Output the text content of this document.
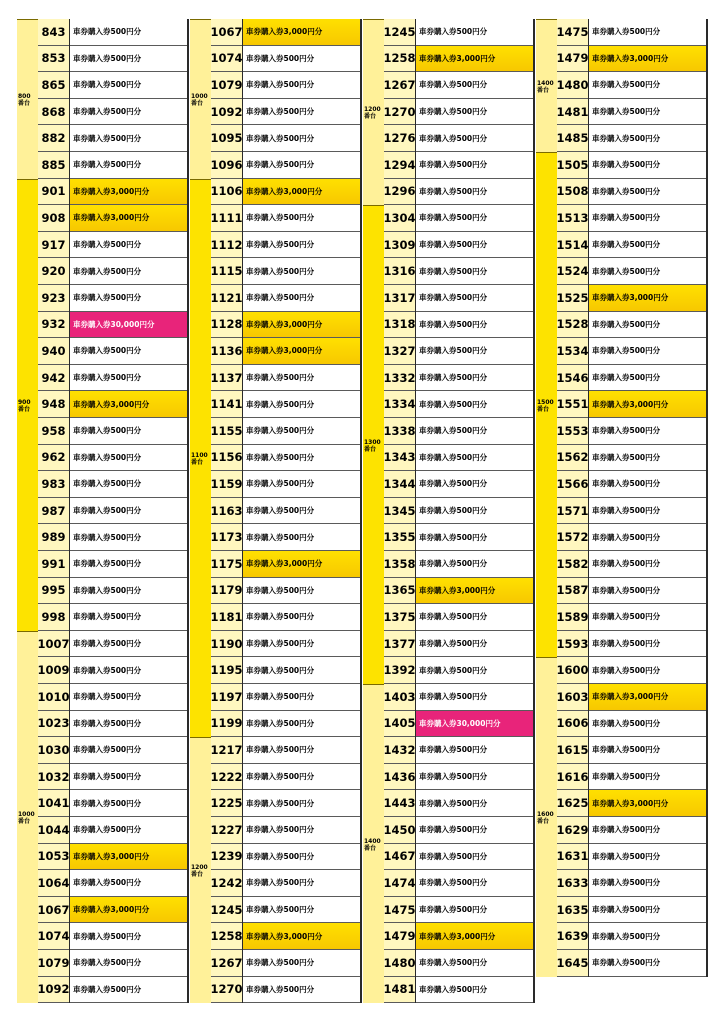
800
番台
900
番台
1000
番台
843	車券購入券500円分
853	車券購入券500円分
865	車券購入券500円分
868	車券購入券500円分
882	車券購入券500円分
885	車券購入券500円分
901	車券購入券3,000円分
908	車券購入券3,000円分
917	車券購入券500円分
920	車券購入券500円分
923	車券購入券500円分
932	車券購入券30,000円分
940	車券購入券500円分
942	車券購入券500円分
948	車券購入券3,000円分
958	車券購入券500円分
962	車券購入券500円分
983	車券購入券500円分
987	車券購入券500円分
989	車券購入券500円分
991	車券購入券500円分
995	車券購入券500円分
998	車券購入券500円分
1007 車券購入券500円分
1009 車券購入券500円分
1010 車券購入券500円分
1023 車券購入券500円分
1030 車券購入券500円分
1032 車券購入券500円分
1041 車券購入券500円分
1044 車券購入券500円分
1053 車券購入券3,000円分
1064 車券購入券500円分
1067 車券購入券3,000円分
1074 車券購入券500円分
1079 車券購入券500円分
1092 車券購入券500円分
1000
番台
1100
番台
1200
番台
1067 車券購入券3,000円分
1074 車券購入券500円分
1079 車券購入券500円分
1092 車券購入券500円分
1095 車券購入券500円分
1096 車券購入券500円分
1106 車券購入券3,000円分
1111 車券購入券500円分
1112 車券購入券500円分
1115 車券購入券500円分
1121 車券購入券500円分
1128 車券購入券3,000円分
1136 車券購入券3,000円分
1137 車券購入券500円分
1141 車券購入券500円分
1155 車券購入券500円分
1156 車券購入券500円分
1159 車券購入券500円分
1163 車券購入券500円分
1173 車券購入券500円分
1175 車券購入券3,000円分
1179 車券購入券500円分
1181 車券購入券500円分
1190 車券購入券500円分
1195 車券購入券500円分
1197 車券購入券500円分
1199 車券購入券500円分
1217 車券購入券500円分
1222 車券購入券500円分
1225 車券購入券500円分
1227 車券購入券500円分
1239 車券購入券500円分
1242 車券購入券500円分
1245 車券購入券500円分
1258 車券購入券3,000円分
1267 車券購入券500円分
1270 車券購入券500円分
1200
番台
1300
番台
1400
番台
1245 車券購入券500円分
1258 車券購入券3,000円分
1267 車券購入券500円分
1270 車券購入券500円分
1276 車券購入券500円分
1294 車券購入券500円分
1296 車券購入券500円分
1304 車券購入券500円分
1309 車券購入券500円分
1316 車券購入券500円分
1317 車券購入券500円分
1318 車券購入券500円分
1327 車券購入券500円分
1332 車券購入券500円分
1334 車券購入券500円分
1338 車券購入券500円分
1343 車券購入券500円分
1344 車券購入券500円分
1345 車券購入券500円分
1355 車券購入券500円分
1358 車券購入券500円分
1365 車券購入券3,000円分
1375 車券購入券500円分
1377 車券購入券500円分
1392 車券購入券500円分
1403 車券購入券500円分
1405 車券購入券30,000円分
1432 車券購入券500円分
1436 車券購入券500円分
1443 車券購入券500円分
1450 車券購入券500円分
1467 車券購入券500円分
1474 車券購入券500円分
1475 車券購入券500円分
1479 車券購入券3,000円分
1480 車券購入券500円分
1481 車券購入券500円分
1400
番台
1500
番台
1600
番台
1475 車券購入券500円分
1479 車券購入券3,000円分
1480 車券購入券500円分
1481 車券購入券500円分
1485 車券購入券500円分
1505 車券購入券500円分
1508 車券購入券500円分
1513 車券購入券500円分
1514 車券購入券500円分
1524 車券購入券500円分
1525 車券購入券3,000円分
1528 車券購入券500円分
1534 車券購入券500円分
1546 車券購入券500円分
1551 車券購入券3,000円分
1553 車券購入券500円分
1562 車券購入券500円分
1566 車券購入券500円分
1571 車券購入券500円分
1572 車券購入券500円分
1582 車券購入券500円分
1587 車券購入券500円分
1589 車券購入券500円分
1593 車券購入券500円分
1600 車券購入券500円分
1603 車券購入券3,000円分
1606 車券購入券500円分
1615 車券購入券500円分
1616 車券購入券500円分
1625 車券購入券3,000円分
1629 車券購入券500円分
1631 車券購入券500円分
1633 車券購入券500円分
1635 車券購入券500円分
1639 車券購入券500円分
1645 車券購入券500円分
